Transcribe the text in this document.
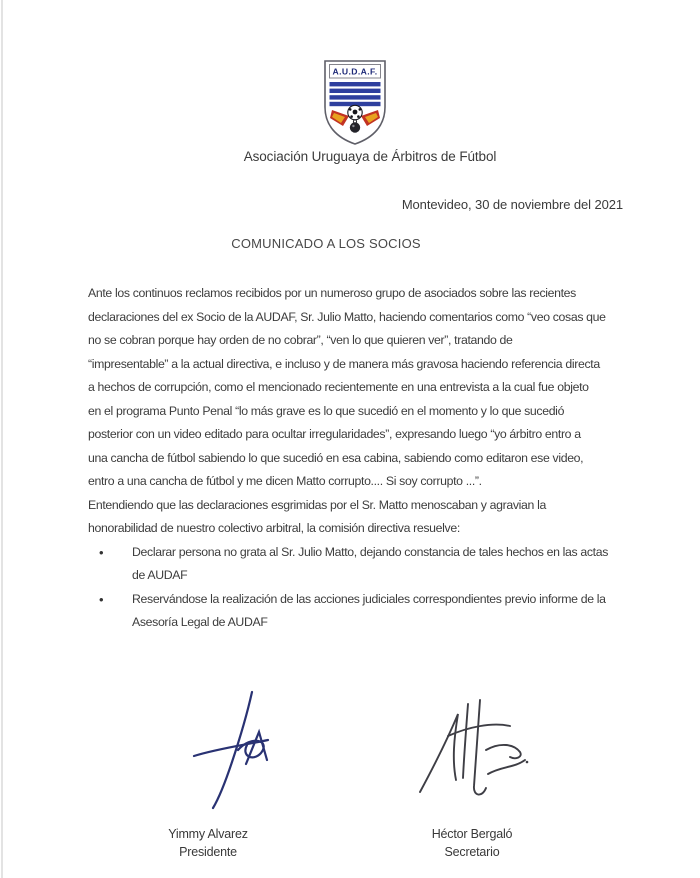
A.U.D.A.F.
Asociación Uruguaya de Árbitros de Fútbol
Montevideo, 30 de noviembre del 2021
COMUNICADO A LOS SOCIOS
Ante los continuos reclamos recibidos por un numeroso grupo de asociados sobre las recientes
declaraciones del ex Socio de la AUDAF, Sr. Julio Matto, haciendo comentarios como “veo cosas que
no se cobran porque hay orden de no cobrar”, “ven lo que quieren ver”, tratando de
“impresentable” a la actual directiva, e incluso y de manera más gravosa haciendo referencia directa
a hechos de corrupción, como el mencionado recientemente en una entrevista a la cual fue objeto
en el programa Punto Penal “lo más grave es lo que sucedió en el momento y lo que sucedió
posterior con un video editado para ocultar irregularidades”, expresando luego “yo árbitro entro a
una cancha de fútbol sabiendo lo que sucedió en esa cabina, sabiendo como editaron ese video,
entro a una cancha de fútbol y me dicen Matto corrupto.... Si soy corrupto ...”.
Entendiendo que las declaraciones esgrimidas por el Sr. Matto menoscaban y agravian la
honorabilidad de nuestro colectivo arbitral, la comisión directiva resuelve:
• Declarar persona no grata al Sr. Julio Matto, dejando constancia de tales hechos en las actas
de AUDAF
• Reservándose la realización de las acciones judiciales correspondientes previo informe de la
Asesoría Legal de AUDAF
Yimmy Alvarez
Presidente
Héctor Bergaló
Secretario
